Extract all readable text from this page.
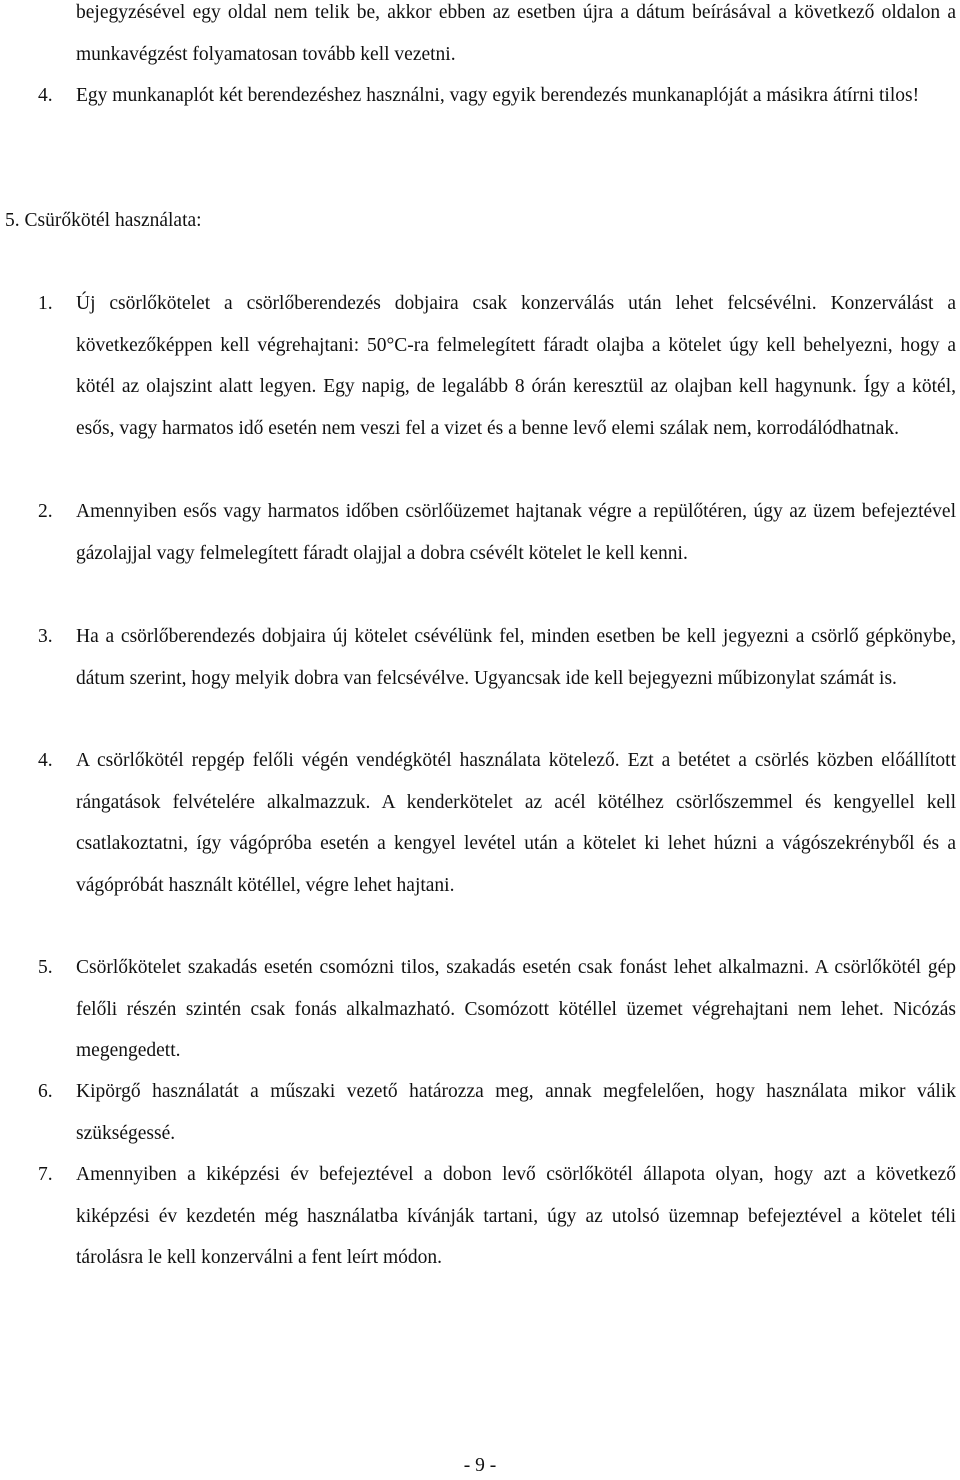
bejegyzésével egy oldal nem telik be, akkor ebben az esetben újra a dátum beírásával a következő oldalon a munkavégzést folyamatosan tovább kell vezetni.

4. Egy munkanaplót két berendezéshez használni, vagy egyik berendezés munkanaplóját a másikra átírni tilos!

5. Csürőkötél használata:
1. Új csörlőkötelet a csörlőberendezés dobjaira csak konzerválás után lehet felcsévélni. Konzerválást a következőképpen kell végrehajtani: 50°C-ra felmelegített fáradt olajba a kötelet úgy kell behelyezni, hogy a kötél az olajszint alatt legyen. Egy napig, de legalább 8 órán keresztül az olajban kell hagynunk. Így a kötél, esős, vagy harmatos idő esetén nem veszi fel a vizet és a benne levő elemi szálak nem, korrodálódhatnak.

2. Amennyiben esős vagy harmatos időben csörlőüzemet hajtanak végre a repülőtéren, úgy az üzem befejeztével gázolajjal vagy felmelegített fáradt olajjal a dobra csévélt kötelet le kell kenni.

3. Ha a csörlőberendezés dobjaira új kötelet csévélünk fel, minden esetben be kell jegyezni a csörlő gépkönybe, dátum szerint, hogy melyik dobra van felcsévélve. Ugyancsak ide kell bejegyezni műbizonylat számát is.

4. A csörlőkötél repgép felőli végén vendégkötél használata kötelező. Ezt a betétet a csörlés közben előállított rángatások felvételére alkalmazzuk. A kenderkötelet az acél kötélhez csörlőszemmel és kengyellel kell csatlakoztatni, így vágópróba esetén a kengyel levétel után a kötelet ki lehet húzni a vágószekrényből és a vágópróbát használt kötéllel, végre lehet hajtani.

5. Csörlőkötelet szakadás esetén csomózni tilos, szakadás esetén csak fonást lehet alkalmazni. A csörlőkötél gép felőli részén szintén csak fonás alkalmazható. Csomózott kötéllel üzemet végrehajtani nem lehet. Nicózás megengedett.

6. Kipörgő használatát a műszaki vezető határozza meg, annak megfelelően, hogy használata mikor válik szükségessé.

7. Amennyiben a kiképzési év befejeztével a dobon levő csörlőkötél állapota olyan, hogy azt a következő kiképzési év kezdetén még használatba kívánják tartani, úgy az utolsó üzemnap befejeztével a kötelet téli tárolásra le kell konzerválni a fent leírt módon.

- 9 -
